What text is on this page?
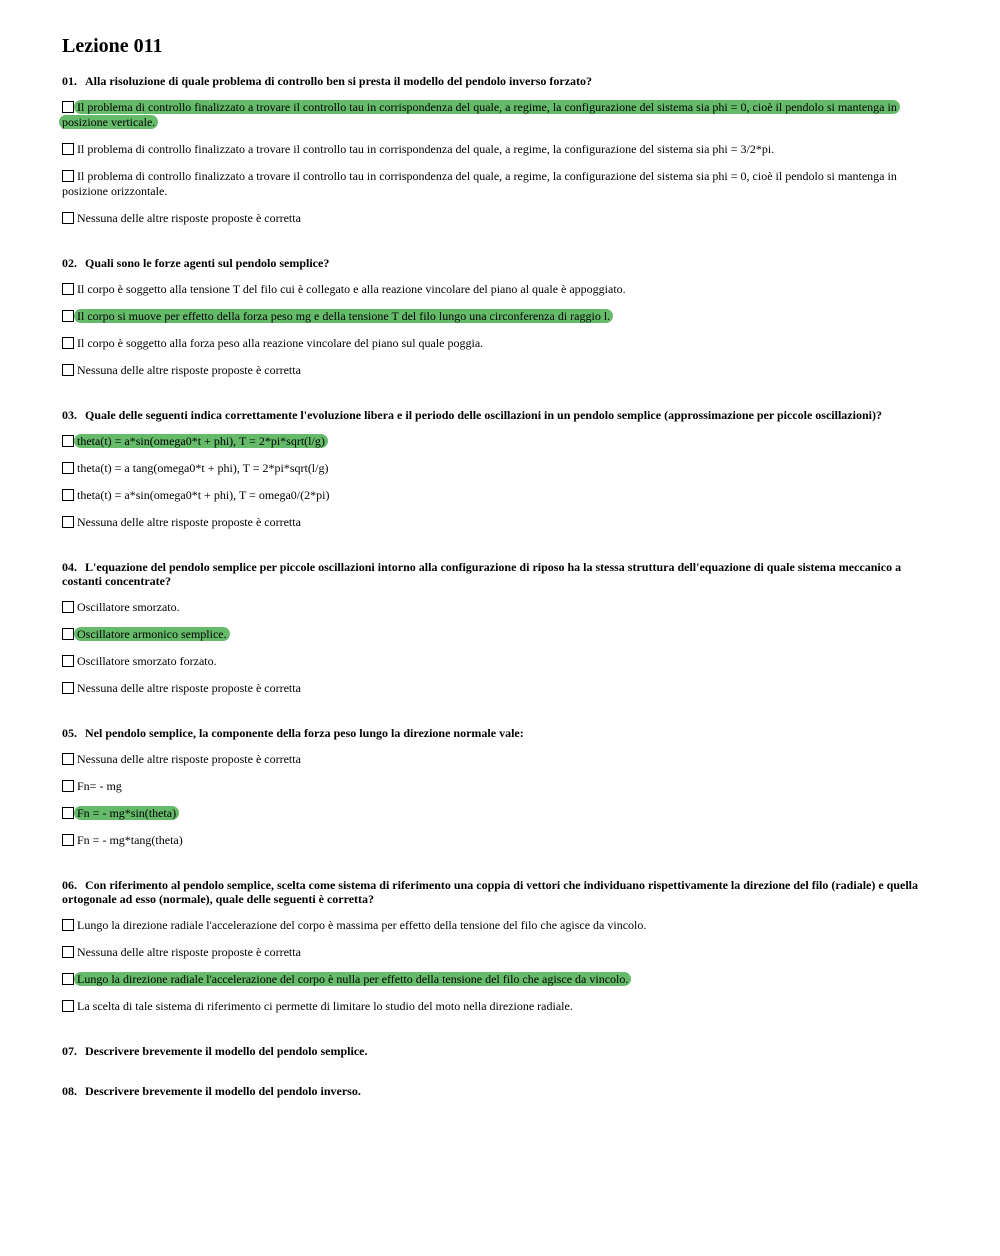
Lezione 011
01. Alla risoluzione di quale problema di controllo ben si presta il modello del pendolo inverso forzato?
Il problema di controllo finalizzato a trovare il controllo tau in corrispondenza del quale, a regime, la configurazione del sistema sia phi = 0, cioè il pendolo si mantenga in posizione verticale.
Il problema di controllo finalizzato a trovare il controllo tau in corrispondenza del quale, a regime, la configurazione del sistema sia phi = 3/2*pi.
Il problema di controllo finalizzato a trovare il controllo tau in corrispondenza del quale, a regime, la configurazione del sistema sia phi = 0, cioè il pendolo si mantenga in posizione orizzontale.
Nessuna delle altre risposte proposte è corretta
02. Quali sono le forze agenti sul pendolo semplice?
Il corpo è soggetto alla tensione T del filo cui è collegato e alla reazione vincolare del piano al quale è appoggiato.
Il corpo si muove per effetto della forza peso mg e della tensione T del filo lungo una circonferenza di raggio l.
Il corpo è soggetto alla forza peso alla reazione vincolare del piano sul quale poggia.
Nessuna delle altre risposte proposte è corretta
03. Quale delle seguenti indica correttamente l'evoluzione libera e il periodo delle oscillazioni in un pendolo semplice (approssimazione per piccole oscillazioni)?
theta(t) = a*sin(omega0*t + phi), T = 2*pi*sqrt(l/g)
theta(t) = a tang(omega0*t + phi), T = 2*pi*sqrt(l/g)
theta(t) = a*sin(omega0*t + phi), T = omega0/(2*pi)
Nessuna delle altre risposte proposte è corretta
04. L'equazione del pendolo semplice per piccole oscillazioni intorno alla configurazione di riposo ha la stessa struttura dell'equazione di quale sistema meccanico a costanti concentrate?
Oscillatore smorzato.
Oscillatore armonico semplice.
Oscillatore smorzato forzato.
Nessuna delle altre risposte proposte è corretta
05. Nel pendolo semplice, la componente della forza peso lungo la direzione normale vale:
Nessuna delle altre risposte proposte è corretta
Fn= - mg
Fn = - mg*sin(theta)
Fn = - mg*tang(theta)
06. Con riferimento al pendolo semplice, scelta come sistema di riferimento una coppia di vettori che individuano rispettivamente la direzione del filo (radiale) e quella ortogonale ad esso (normale), quale delle seguenti è corretta?
Lungo la direzione radiale l'accelerazione del corpo è massima per effetto della tensione del filo che agisce da vincolo.
Nessuna delle altre risposte proposte è corretta
Lungo la direzione radiale l'accelerazione del corpo è nulla per effetto della tensione del filo che agisce da vincolo.
La scelta di tale sistema di riferimento ci permette di limitare lo studio del moto nella direzione radiale.
07. Descrivere brevemente il modello del pendolo semplice.
08. Descrivere brevemente il modello del pendolo inverso.
